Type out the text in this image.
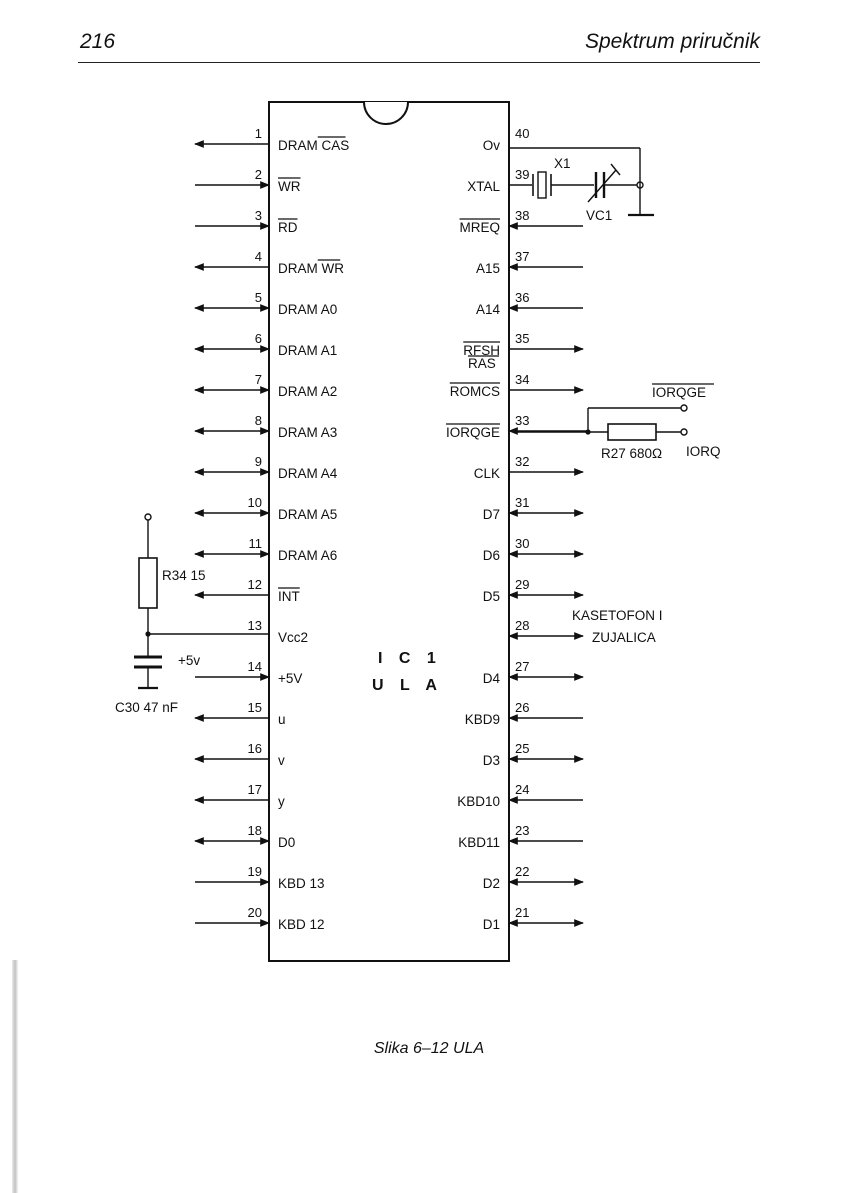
216	Spektrum priručnik
I C 1
U L A
1
DRAM CAS
2
WR
3
RD
4
DRAM WR
5
DRAM A0
6
DRAM A1
7
DRAM A2
8
DRAM A3
9
DRAM A4
10
DRAM A5
11
DRAM A6
12
INT
13
Vcc2
14
+5V
15
u
16
v
17
y
18
D0
19
KBD 13
20
KBD 12
40
Ov
39
XTAL
38
MREQ
37
A15
36
A14
35
RFSH
34
ROMCS
33
IORQGE
32
CLK
31
D7
30
D6
29
D5
28
27
D4
26
KBD9
25
D3
24
KBD10
23
KBD11
22
D2
21
D1
RAS
X1
VC1
IORQGE
R27 680Ω IORQ
KASETOFON I
ZUJALICA
R34 15
C30 47 nF
+5v
Slika 6–12 ULA
